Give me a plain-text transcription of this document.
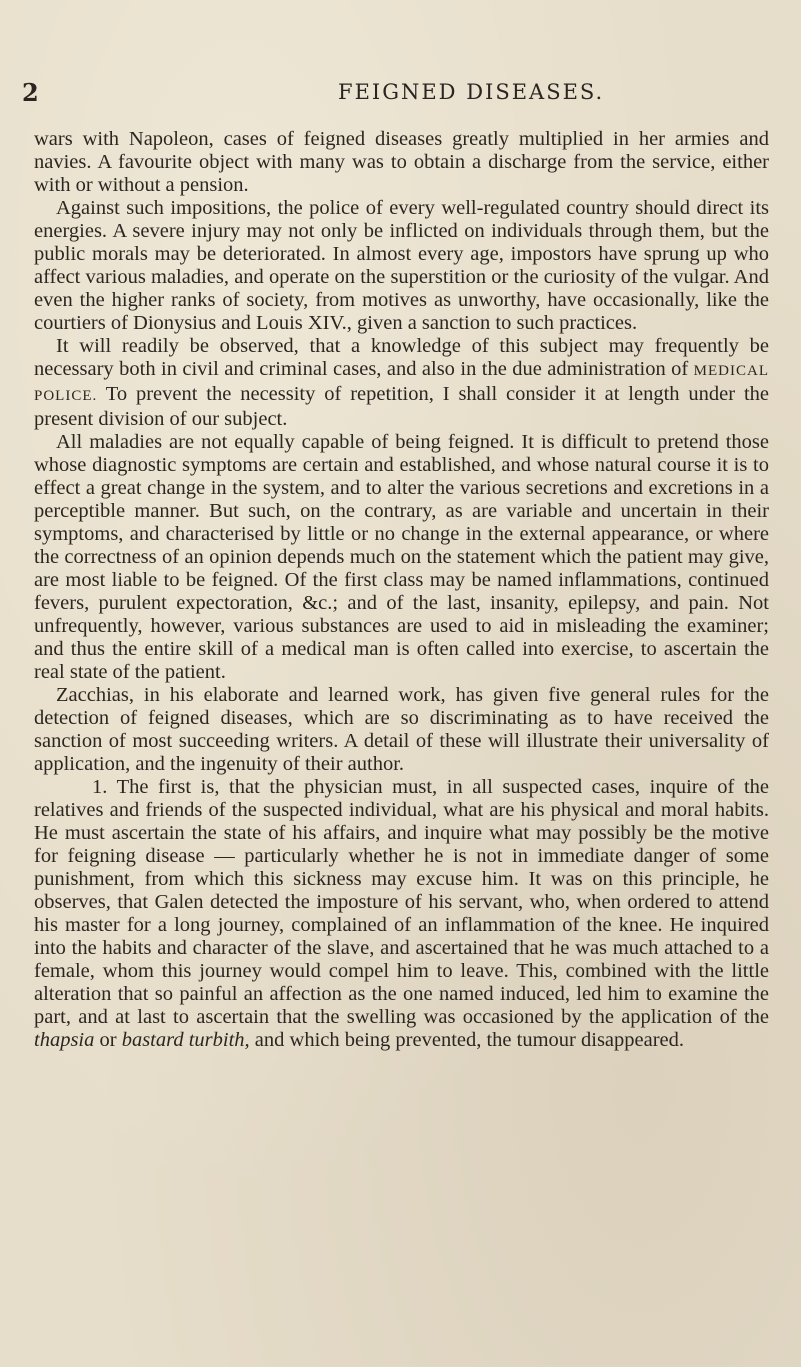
2	FEIGNED DISEASES.

wars with Napoleon, cases of feigned diseases greatly multiplied in her armies and navies. A favourite object with many was to obtain a discharge from the service, either with or without a pension.

Against such impositions, the police of every well-regulated country should direct its energies. A severe injury may not only be inflicted on individuals through them, but the public morals may be deteriorated. In almost every age, impostors have sprung up who affect various maladies, and operate on the superstition or the curiosity of the vulgar. And even the higher ranks of society, from motives as unworthy, have occasionally, like the courtiers of Dionysius and Louis XIV., given a sanction to such practices.

It will readily be observed, that a knowledge of this subject may frequently be necessary both in civil and criminal cases, and also in the due administration of MEDICAL POLICE. To prevent the necessity of repetition, I shall consider it at length under the present division of our subject.

All maladies are not equally capable of being feigned. It is difficult to pretend those whose diagnostic symptoms are certain and established, and whose natural course it is to effect a great change in the system, and to alter the various secretions and excretions in a perceptible manner. But such, on the contrary, as are variable and uncertain in their symptoms, and characterised by little or no change in the external appearance, or where the correctness of an opinion depends much on the statement which the patient may give, are most liable to be feigned. Of the first class may be named inflammations, continued fevers, purulent expectoration, &c.; and of the last, insanity, epilepsy, and pain. Not unfrequently, however, various substances are used to aid in misleading the examiner; and thus the entire skill of a medical man is often called into exercise, to ascertain the real state of the patient.

Zacchias, in his elaborate and learned work, has given five general rules for the detection of feigned diseases, which are so discriminating as to have received the sanction of most succeeding writers. A detail of these will illustrate their universality of application, and the ingenuity of their author.

1. The first is, that the physician must, in all suspected cases, inquire of the relatives and friends of the suspected individual, what are his physical and moral habits. He must ascertain the state of his affairs, and inquire what may possibly be the motive for feigning disease — particularly whether he is not in immediate danger of some punishment, from which this sickness may excuse him. It was on this principle, he observes, that Galen detected the imposture of his servant, who, when ordered to attend his master for a long journey, complained of an inflammation of the knee. He inquired into the habits and character of the slave, and ascertained that he was much attached to a female, whom this journey would compel him to leave. This, combined with the little alteration that so painful an affection as the one named induced, led him to examine the part, and at last to ascertain that the swelling was occasioned by the application of the thapsia or bastard turbith, and which being prevented, the tumour disappeared.
